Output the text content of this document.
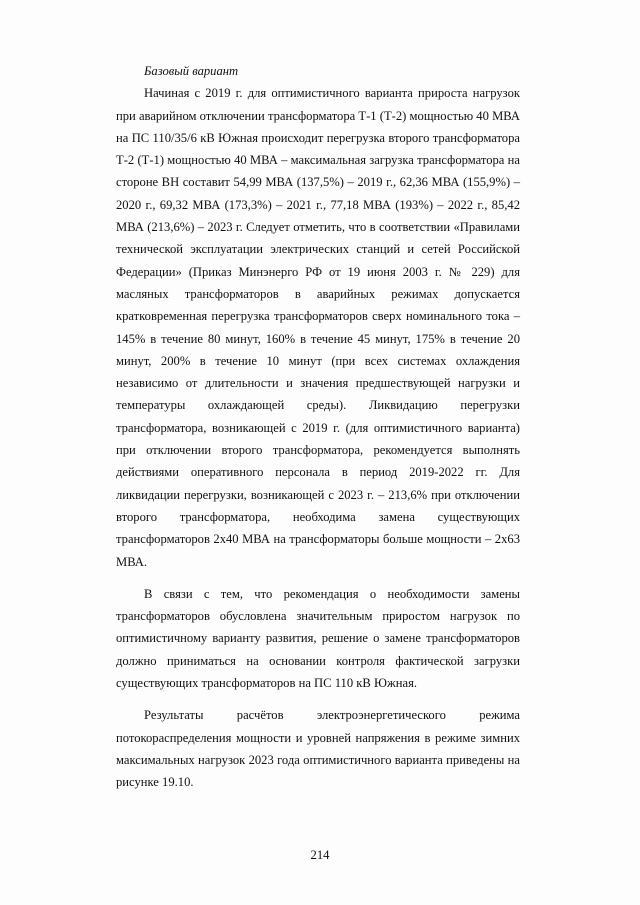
Базовый вариант

Начиная с 2019 г. для оптимистичного варианта прироста нагрузок при аварийном отключении трансформатора Т-1 (Т-2) мощностью 40 МВА на ПС 110/35/6 кВ Южная происходит перегрузка второго трансформатора Т-2 (Т-1) мощностью 40 МВА – максимальная загрузка трансформатора на стороне ВН составит 54,99 МВА (137,5%) – 2019 г., 62,36 МВА (155,9%) – 2020 г., 69,32 МВА (173,3%) – 2021 г., 77,18 МВА (193%) – 2022 г., 85,42 МВА (213,6%) – 2023 г. Следует отметить, что в соответствии «Правилами технической эксплуатации электрических станций и сетей Российской Федерации» (Приказ Минэнерго РФ от 19 июня 2003 г. № 229) для масляных трансформаторов в аварийных режимах допускается кратковременная перегрузка трансформаторов сверх номинального тока – 145% в течение 80 минут, 160% в течение 45 минут, 175% в течение 20 минут, 200% в течение 10 минут (при всех системах охлаждения независимо от длительности и значения предшествующей нагрузки и температуры охлаждающей среды). Ликвидацию перегрузки трансформатора, возникающей с 2019 г. (для оптимистичного варианта) при отключении второго трансформатора, рекомендуется выполнять действиями оперативного персонала в период 2019-2022 гг. Для ликвидации перегрузки, возникающей с 2023 г. – 213,6% при отключении второго трансформатора, необходима замена существующих трансформаторов 2х40 МВА на трансформаторы больше мощности – 2х63 МВА.

В связи с тем, что рекомендация о необходимости замены трансформаторов обусловлена значительным приростом нагрузок по оптимистичному варианту развития, решение о замене трансформаторов должно приниматься на основании контроля фактической загрузки существующих трансформаторов на ПС 110 кВ Южная.

Результаты расчётов электроэнергетического режима потокораспределения мощности и уровней напряжения в режиме зимних максимальных нагрузок 2023 года оптимистичного варианта приведены на рисунке 19.10.

214
